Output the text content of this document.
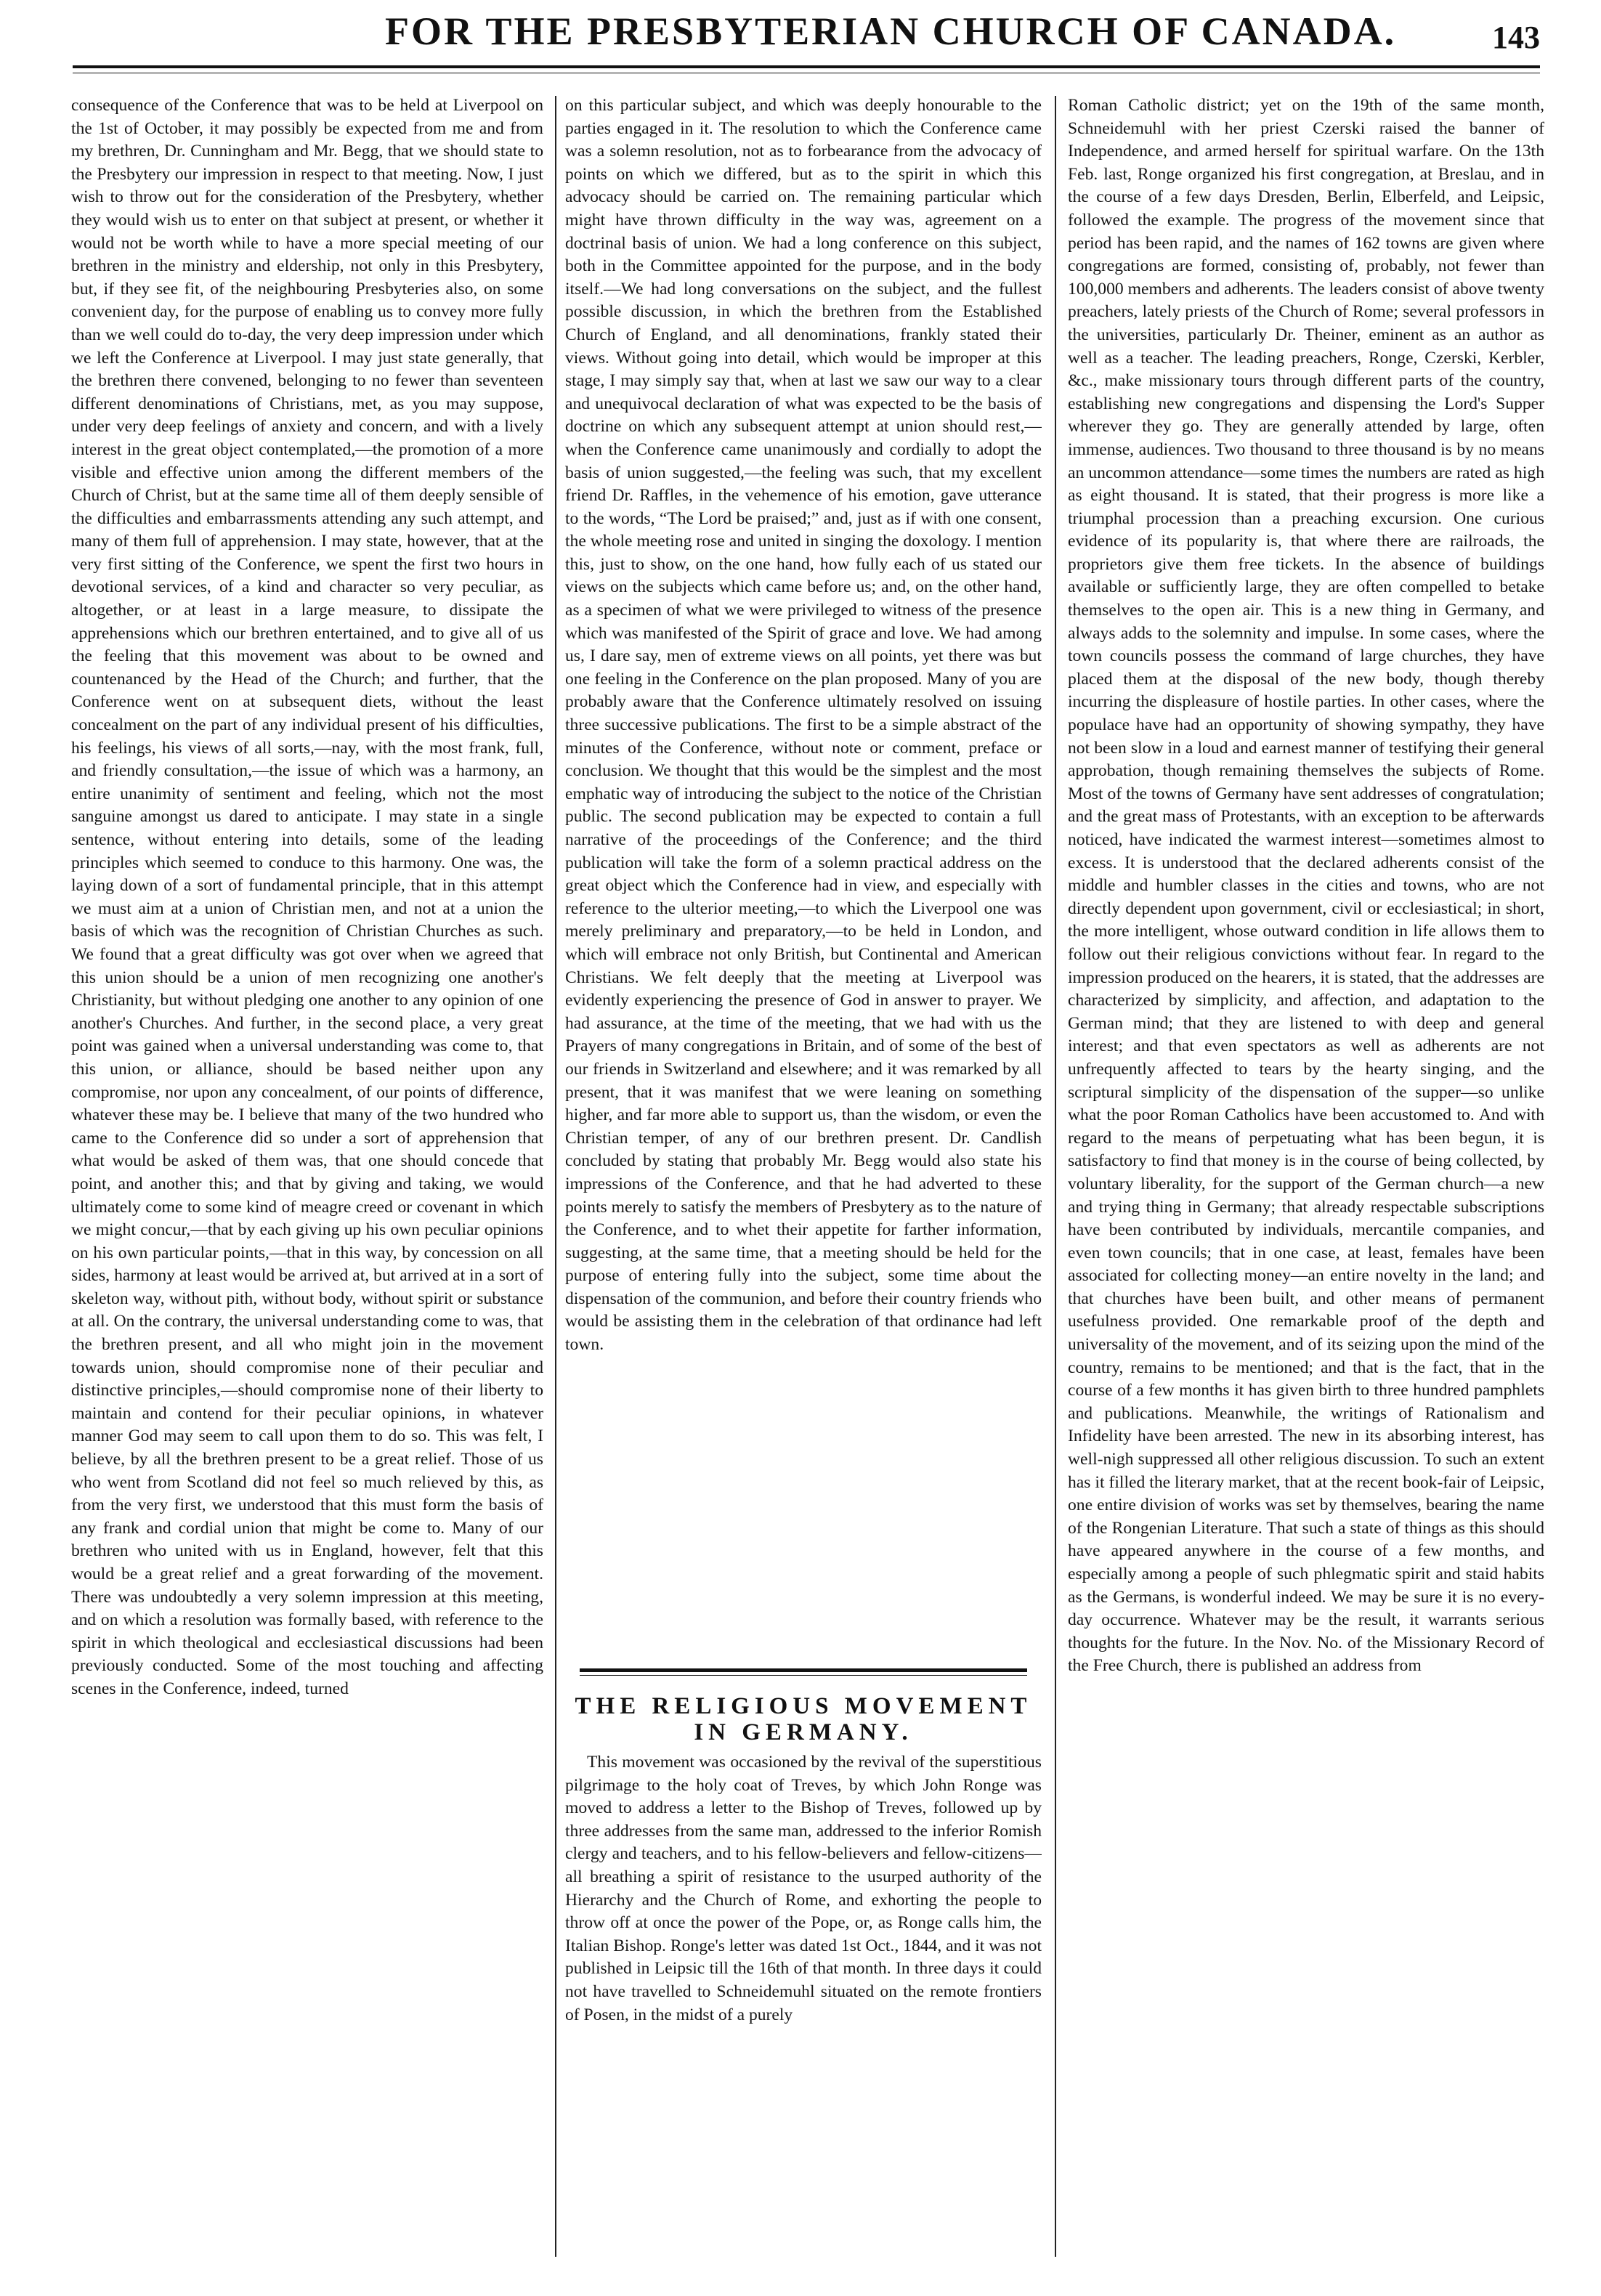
FOR THE PRESBYTERIAN CHURCH OF CANADA.	143

consequence of the Conference that was to be held at Liverpool on the 1st of October, it may possibly be expected from me and from my brethren, Dr. Cunningham and Mr. Begg, that we should state to the Presbytery our impression in respect to that meeting. Now, I just wish to throw out for the consideration of the Presbytery, whether they would wish us to enter on that subject at present, or whether it would not be worth while to have a more special meeting of our brethren in the ministry and eldership, not only in this Presbytery, but, if they see fit, of the neighbouring Presbyteries also, on some convenient day, for the purpose of enabling us to convey more fully than we well could do to-day, the very deep impression under which we left the Conference at Liverpool. I may just state generally, that the brethren there convened, belonging to no fewer than seventeen different denominations of Christians, met, as you may suppose, under very deep feelings of anxiety and concern, and with a lively interest in the great object contemplated,—the promotion of a more visible and effective union among the different members of the Church of Christ, but at the same time all of them deeply sensible of the difficulties and embarrassments attending any such attempt, and many of them full of apprehension. I may state, however, that at the very first sitting of the Conference, we spent the first two hours in devotional services, of a kind and character so very peculiar, as altogether, or at least in a large measure, to dissipate the apprehensions which our brethren entertained, and to give all of us the feeling that this movement was about to be owned and countenanced by the Head of the Church; and further, that the Conference went on at subsequent diets, without the least concealment on the part of any individual present of his difficulties, his feelings, his views of all sorts,—nay, with the most frank, full, and friendly consultation,—the issue of which was a harmony, an entire unanimity of sentiment and feeling, which not the most sanguine amongst us dared to anticipate. I may state in a single sentence, without entering into details, some of the leading principles which seemed to conduce to this harmony. One was, the laying down of a sort of fundamental principle, that in this attempt we must aim at a union of Christian men, and not at a union the basis of which was the recognition of Christian Churches as such. We found that a great difficulty was got over when we agreed that this union should be a union of men recognizing one another's Christianity, but without pledging one another to any opinion of one another's Churches. And further, in the second place, a very great point was gained when a universal understanding was come to, that this union, or alliance, should be based neither upon any compromise, nor upon any concealment, of our points of difference, whatever these may be. I believe that many of the two hundred who came to the Conference did so under a sort of apprehension that what would be asked of them was, that one should concede that point, and another this; and that by giving and taking, we would ultimately come to some kind of meagre creed or covenant in which we might concur,—that by each giving up his own peculiar opinions on his own particular points,—that in this way, by concession on all sides, harmony at least would be arrived at, but arrived at in a sort of skeleton way, without pith, without body, without spirit or substance at all. On the contrary, the universal understanding come to was, that the brethren present, and all who might join in the movement towards union, should compromise none of their peculiar and distinctive principles,—should compromise none of their liberty to maintain and contend for their peculiar opinions, in whatever manner God may seem to call upon them to do so. This was felt, I believe, by all the brethren present to be a great relief. Those of us who went from Scotland did not feel so much relieved by this, as from the very first, we understood that this must form the basis of any frank and cordial union that might be come to. Many of our brethren who united with us in England, however, felt that this would be a great relief and a great forwarding of the movement. There was undoubtedly a very solemn impression at this meeting, and on which a resolution was formally based, with reference to the spirit in which theological and ecclesiastical discussions had been previously conducted. Some of the most touching and affecting scenes in the Conference, indeed, turned

on this particular subject, and which was deeply honourable to the parties engaged in it. The resolution to which the Conference came was a solemn resolution, not as to forbearance from the advocacy of points on which we differed, but as to the spirit in which this advocacy should be carried on. The remaining particular which might have thrown difficulty in the way was, agreement on a doctrinal basis of union. We had a long conference on this subject, both in the Committee appointed for the purpose, and in the body itself.—We had long conversations on the subject, and the fullest possible discussion, in which the brethren from the Established Church of England, and all denominations, frankly stated their views. Without going into detail, which would be improper at this stage, I may simply say that, when at last we saw our way to a clear and unequivocal declaration of what was expected to be the basis of doctrine on which any subsequent attempt at union should rest,—when the Conference came unanimously and cordially to adopt the basis of union suggested,—the feeling was such, that my excellent friend Dr. Raffles, in the vehemence of his emotion, gave utterance to the words, “The Lord be praised;” and, just as if with one consent, the whole meeting rose and united in singing the doxology. I mention this, just to show, on the one hand, how fully each of us stated our views on the subjects which came before us; and, on the other hand, as a specimen of what we were privileged to witness of the presence which was manifested of the Spirit of grace and love. We had among us, I dare say, men of extreme views on all points, yet there was but one feeling in the Conference on the plan proposed. Many of you are probably aware that the Conference ultimately resolved on issuing three successive publications. The first to be a simple abstract of the minutes of the Conference, without note or comment, preface or conclusion. We thought that this would be the simplest and the most emphatic way of introducing the subject to the notice of the Christian public. The second publication may be expected to contain a full narrative of the proceedings of the Conference; and the third publication will take the form of a solemn practical address on the great object which the Conference had in view, and especially with reference to the ulterior meeting,—to which the Liverpool one was merely preliminary and preparatory,—to be held in London, and which will embrace not only British, but Continental and American Christians. We felt deeply that the meeting at Liverpool was evidently experiencing the presence of God in answer to prayer. We had assurance, at the time of the meeting, that we had with us the Prayers of many congregations in Britain, and of some of the best of our friends in Switzerland and elsewhere; and it was remarked by all present, that it was manifest that we were leaning on something higher, and far more able to support us, than the wisdom, or even the Christian temper, of any of our brethren present. Dr. Candlish concluded by stating that probably Mr. Begg would also state his impressions of the Conference, and that he had adverted to these points merely to satisfy the members of Presbytery as to the nature of the Conference, and to whet their appetite for farther information, suggesting, at the same time, that a meeting should be held for the purpose of entering fully into the subject, some time about the dispensation of the communion, and before their country friends who would be assisting them in the celebration of that ordinance had left town.

THE RELIGIOUS MOVEMENT IN GERMANY.

This movement was occasioned by the revival of the superstitious pilgrimage to the holy coat of Treves, by which John Ronge was moved to address a letter to the Bishop of Treves, followed up by three addresses from the same man, addressed to the inferior Romish clergy and teachers, and to his fellow-believers and fellow-citizens—all breathing a spirit of resistance to the usurped authority of the Hierarchy and the Church of Rome, and exhorting the people to throw off at once the power of the Pope, or, as Ronge calls him, the Italian Bishop. Ronge's letter was dated 1st Oct., 1844, and it was not published in Leipsic till the 16th of that month. In three days it could not have travelled to Schneidemuhl situated on the remote frontiers of Posen, in the midst of a purely

Roman Catholic district; yet on the 19th of the same month, Schneidemuhl with her priest Czerski raised the banner of Independence, and armed herself for spiritual warfare. On the 13th Feb. last, Ronge organized his first congregation, at Breslau, and in the course of a few days Dresden, Berlin, Elberfeld, and Leipsic, followed the example. The progress of the movement since that period has been rapid, and the names of 162 towns are given where congregations are formed, consisting of, probably, not fewer than 100,000 members and adherents. The leaders consist of above twenty preachers, lately priests of the Church of Rome; several professors in the universities, particularly Dr. Theiner, eminent as an author as well as a teacher. The leading preachers, Ronge, Czerski, Kerbler, &c., make missionary tours through different parts of the country, establishing new congregations and dispensing the Lord's Supper wherever they go. They are generally attended by large, often immense, audiences. Two thousand to three thousand is by no means an uncommon attendance—some times the numbers are rated as high as eight thousand. It is stated, that their progress is more like a triumphal procession than a preaching excursion. One curious evidence of its popularity is, that where there are railroads, the proprietors give them free tickets. In the absence of buildings available or sufficiently large, they are often compelled to betake themselves to the open air. This is a new thing in Germany, and always adds to the solemnity and impulse. In some cases, where the town councils possess the command of large churches, they have placed them at the disposal of the new body, though thereby incurring the displeasure of hostile parties. In other cases, where the populace have had an opportunity of showing sympathy, they have not been slow in a loud and earnest manner of testifying their general approbation, though remaining themselves the subjects of Rome. Most of the towns of Germany have sent addresses of congratulation; and the great mass of Protestants, with an exception to be afterwards noticed, have indicated the warmest interest—sometimes almost to excess. It is understood that the declared adherents consist of the middle and humbler classes in the cities and towns, who are not directly dependent upon government, civil or ecclesiastical; in short, the more intelligent, whose outward condition in life allows them to follow out their religious convictions without fear. In regard to the impression produced on the hearers, it is stated, that the addresses are characterized by simplicity, and affection, and adaptation to the German mind; that they are listened to with deep and general interest; and that even spectators as well as adherents are not unfrequently affected to tears by the hearty singing, and the scriptural simplicity of the dispensation of the supper—so unlike what the poor Roman Catholics have been accustomed to. And with regard to the means of perpetuating what has been begun, it is satisfactory to find that money is in the course of being collected, by voluntary liberality, for the support of the German church—a new and trying thing in Germany; that already respectable subscriptions have been contributed by individuals, mercantile companies, and even town councils; that in one case, at least, females have been associated for collecting money—an entire novelty in the land; and that churches have been built, and other means of permanent usefulness provided. One remarkable proof of the depth and universality of the movement, and of its seizing upon the mind of the country, remains to be mentioned; and that is the fact, that in the course of a few months it has given birth to three hundred pamphlets and publications. Meanwhile, the writings of Rationalism and Infidelity have been arrested. The new in its absorbing interest, has well-nigh suppressed all other religious discussion. To such an extent has it filled the literary market, that at the recent book-fair of Leipsic, one entire division of works was set by themselves, bearing the name of the Rongenian Literature. That such a state of things as this should have appeared anywhere in the course of a few months, and especially among a people of such phlegmatic spirit and staid habits as the Germans, is wonderful indeed. We may be sure it is no every-day occurrence. Whatever may be the result, it warrants serious thoughts for the future. In the Nov. No. of the Missionary Record of the Free Church, there is published an address from
